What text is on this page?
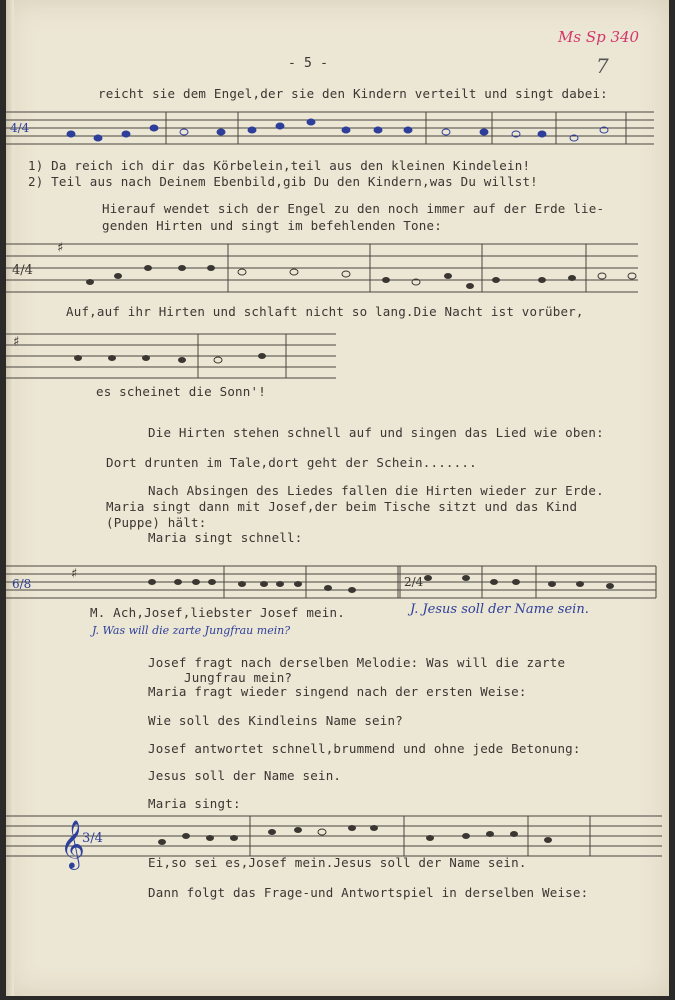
- 5 -
Ms Sp 340
7
reicht sie dem Engel,der sie den Kindern verteilt und singt dabei:
4/4
1) Da reich ich dir das Körbelein,teil aus den kleinen Kindelein!
2) Teil aus nach Deinem Ebenbild,gib Du den Kindern,was Du willst!
Hierauf wendet sich der Engel zu den noch immer auf der Erde lie-
genden Hirten und singt im befehlenden Tone:
4/4
♯
Auf,auf ihr Hirten und schlaft nicht so lang.Die Nacht ist vorüber,
♯
es scheinet die Sonn'!
Die Hirten stehen schnell auf und singen das Lied wie oben:
Dort drunten im Tale,dort geht der Schein.......
Nach Absingen des Liedes fallen die Hirten wieder zur Erde.
Maria singt dann mit Josef,der beim Tische sitzt und das Kind
(Puppe) hält:
Maria singt schnell:
6/8
♯	2/4
M. Ach,Josef,liebster Josef mein.	J. Jesus soll der Name sein.
J. Was will die zarte Jungfrau mein?
Josef fragt nach derselben Melodie: Was will die zarte
Jungfrau mein?
Maria fragt wieder singend nach der ersten Weise:
Wie soll des Kindleins Name sein?
Josef antwortet schnell,brummend und ohne jede Betonung:
Jesus soll der Name sein.
Maria singt:
𝄞
3/4
Ei,so sei es,Josef mein.Jesus soll der Name sein.
Dann folgt das Frage-und Antwortspiel in derselben Weise:
